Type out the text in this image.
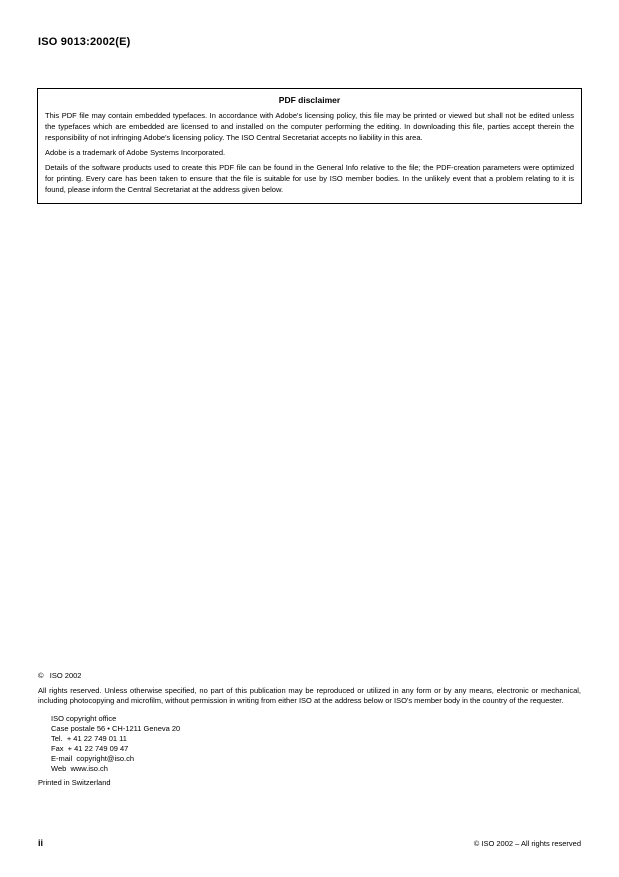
ISO 9013:2002(E)
PDF disclaimer

This PDF file may contain embedded typefaces. In accordance with Adobe's licensing policy, this file may be printed or viewed but shall not be edited unless the typefaces which are embedded are licensed to and installed on the computer performing the editing. In downloading this file, parties accept therein the responsibility of not infringing Adobe's licensing policy. The ISO Central Secretariat accepts no liability in this area.

Adobe is a trademark of Adobe Systems Incorporated.

Details of the software products used to create this PDF file can be found in the General Info relative to the file; the PDF-creation parameters were optimized for printing. Every care has been taken to ensure that the file is suitable for use by ISO member bodies. In the unlikely event that a problem relating to it is found, please inform the Central Secretariat at the address given below.

©   ISO 2002

All rights reserved. Unless otherwise specified, no part of this publication may be reproduced or utilized in any form or by any means, electronic or mechanical, including photocopying and microfilm, without permission in writing from either ISO at the address below or ISO's member body in the country of the requester.

ISO copyright office
Case postale 56 • CH-1211 Geneva 20
Tel.  + 41 22 749 01 11
Fax  + 41 22 749 09 47
E-mail  copyright@iso.ch
Web  www.iso.ch
Printed in Switzerland
ii	© ISO 2002 – All rights reserved
